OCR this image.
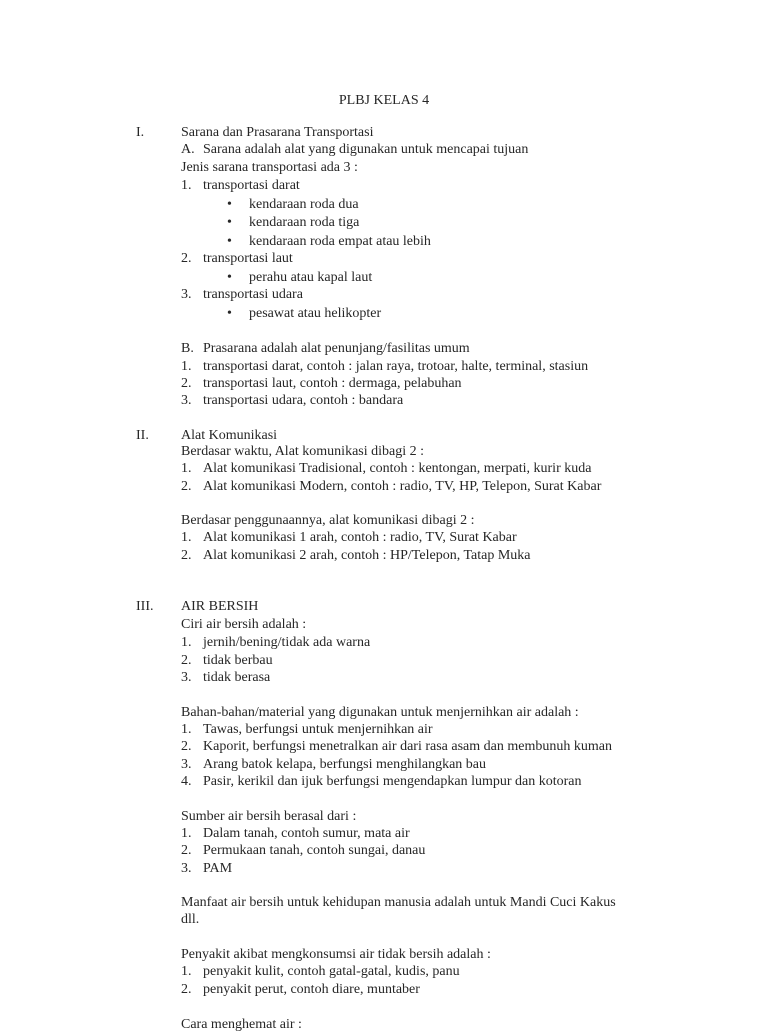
PLBJ KELAS 4
I.	Sarana dan Prasarana Transportasi
A. Sarana adalah alat yang digunakan untuk mencapai tujuan
Jenis sarana transportasi ada 3 :
1. transportasi darat
• kendaraan roda dua
• kendaraan roda tiga
• kendaraan roda empat atau lebih
2. transportasi laut
• perahu atau kapal laut
3. transportasi udara
• pesawat atau helikopter
B. Prasarana adalah alat penunjang/fasilitas umum
1. transportasi darat, contoh : jalan raya, trotoar, halte, terminal, stasiun
2. transportasi laut, contoh : dermaga, pelabuhan
3. transportasi udara, contoh : bandara
II. Alat Komunikasi
Berdasar waktu, Alat komunikasi dibagi 2 :
1. Alat komunikasi Tradisional, contoh : kentongan, merpati, kurir kuda
2. Alat komunikasi Modern, contoh : radio, TV, HP, Telepon, Surat Kabar
Berdasar penggunaannya, alat komunikasi dibagi 2 :
1. Alat komunikasi 1 arah, contoh : radio, TV, Surat Kabar
2. Alat komunikasi 2 arah, contoh : HP/Telepon, Tatap Muka
III. AIR BERSIH
Ciri air bersih adalah :
1. jernih/bening/tidak ada warna
2. tidak berbau
3. tidak berasa
Bahan-bahan/material yang digunakan untuk menjernihkan air adalah :
1. Tawas, berfungsi untuk menjernihkan air
2. Kaporit, berfungsi menetralkan air dari rasa asam dan membunuh kuman
3. Arang batok kelapa, berfungsi menghilangkan bau
4. Pasir, kerikil dan ijuk berfungsi mengendapkan lumpur dan kotoran
Sumber air bersih berasal dari :
1. Dalam tanah, contoh sumur, mata air
2. Permukaan tanah, contoh sungai, danau
3. PAM
Manfaat air bersih untuk kehidupan manusia adalah untuk Mandi Cuci Kakus
dll.
Penyakit akibat mengkonsumsi air tidak bersih adalah :
1. penyakit kulit, contoh gatal-gatal, kudis, panu
2. penyakit perut, contoh diare, muntaber
Cara menghemat air :
